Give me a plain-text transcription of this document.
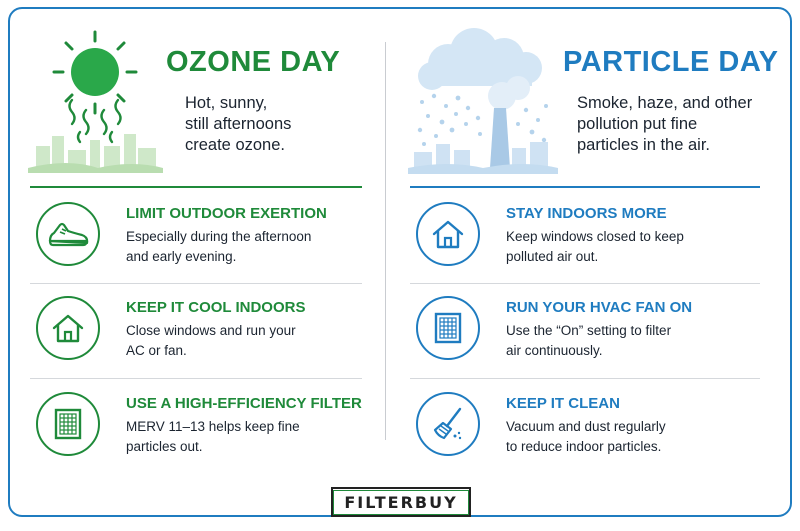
OZONE DAY
Hot, sunny,
still afternoons
create ozone.
LIMIT OUTDOOR EXERTION
Especially during the afternoon
and early evening.
KEEP IT COOL INDOORS
Close windows and run your
AC or fan.
USE A HIGH-EFFICIENCY FILTER
MERV 11–13 helps keep fine
particles out.
PARTICLE DAY
Smoke, haze, and other
pollution put fine
particles in the air.
STAY INDOORS MORE
Keep windows closed to keep
polluted air out.
RUN YOUR HVAC FAN ON
Use the “On” setting to filter
air continuously.
KEEP IT CLEAN
Vacuum and dust regularly
to reduce indoor particles.
FILTERBUY
